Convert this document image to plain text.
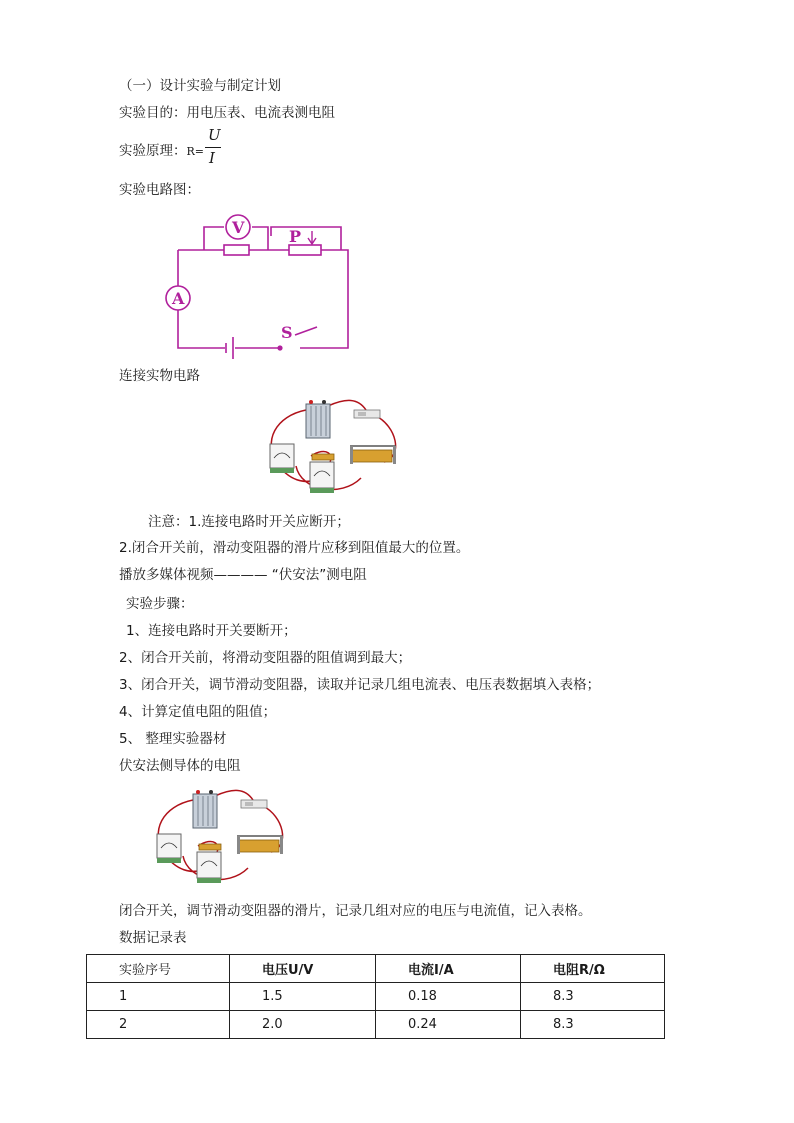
（一）设计实验与制定计划
实验目的：用电压表、电流表测电阻
实验原理：R=
U
I
实验电路图：
V
A
P
S
连接实物电路
注意：1.连接电路时开关应断开；
2.闭合开关前，滑动变阻器的滑片应移到阻值最大的位置。
播放多媒体视频———— “伏安法”测电阻
实验步骤：
1、连接电路时开关要断开；
2、闭合开关前，将滑动变阻器的阻值调到最大；
3、闭合开关，调节滑动变阻器，读取并记录几组电流表、电压表数据填入表格；
4、计算定值电阻的阻值；
5、 整理实验器材
伏安法侧导体的电阻
闭合开关，调节滑动变阻器的滑片，记录几组对应的电压与电流值，记入表格。
数据记录表
实验序号	电压U/V	电流I/A	电阻R/Ω
1	1.5	0.18	8.3
2	2.0	0.24	8.3
